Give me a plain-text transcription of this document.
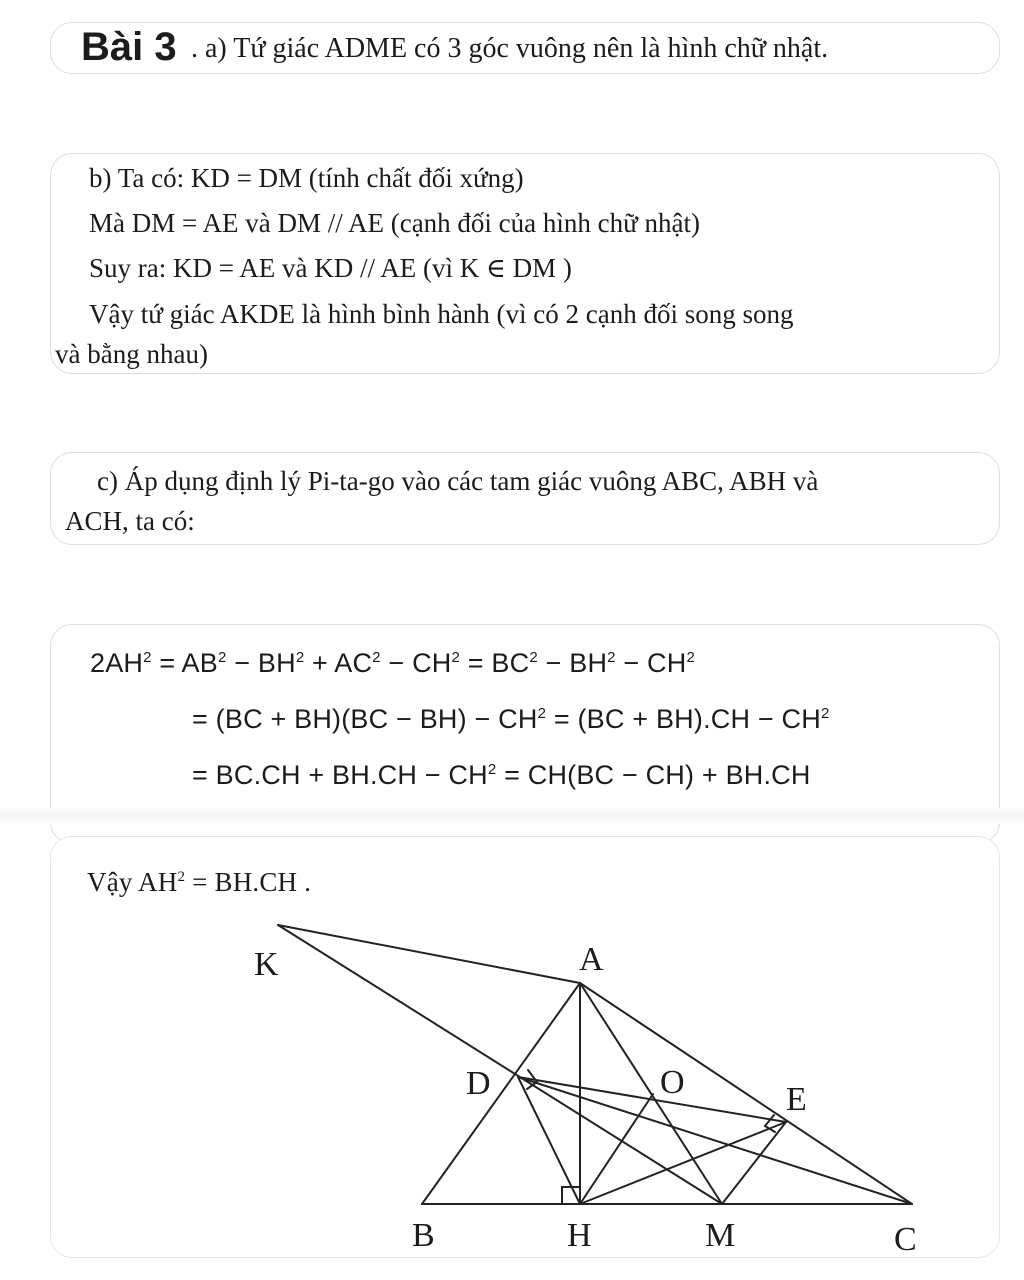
Bài 3 . a) Tứ giác ADME có 3 góc vuông nên là hình chữ nhật.
b) Ta có: KD = DM (tính chất đối xứng)
Mà DM = AE và DM // AE (cạnh đối của hình chữ nhật)
Suy ra: KD = AE và KD // AE (vì K ∈ DM )
Vậy tứ giác AKDE là hình bình hành (vì có 2 cạnh đối song song
và bằng nhau)
c) Áp dụng định lý Pi-ta-go vào các tam giác vuông ABC, ABH và
ACH, ta có:
$2AH^2 = AB^2 - BH^2 + AC^2 - CH^2 = BC^2 - BH^2 - CH^2$
= $(BC + BH)(BC - BH) - CH^2 = (BC + BH).CH - CH^2$
= $BC.CH + BH.CH - CH^2 = CH(BC - CH) + BH.CH$
Vậy $AH^2 = BH.CH$ .
K	A
D	O	E
B	H	M	C
